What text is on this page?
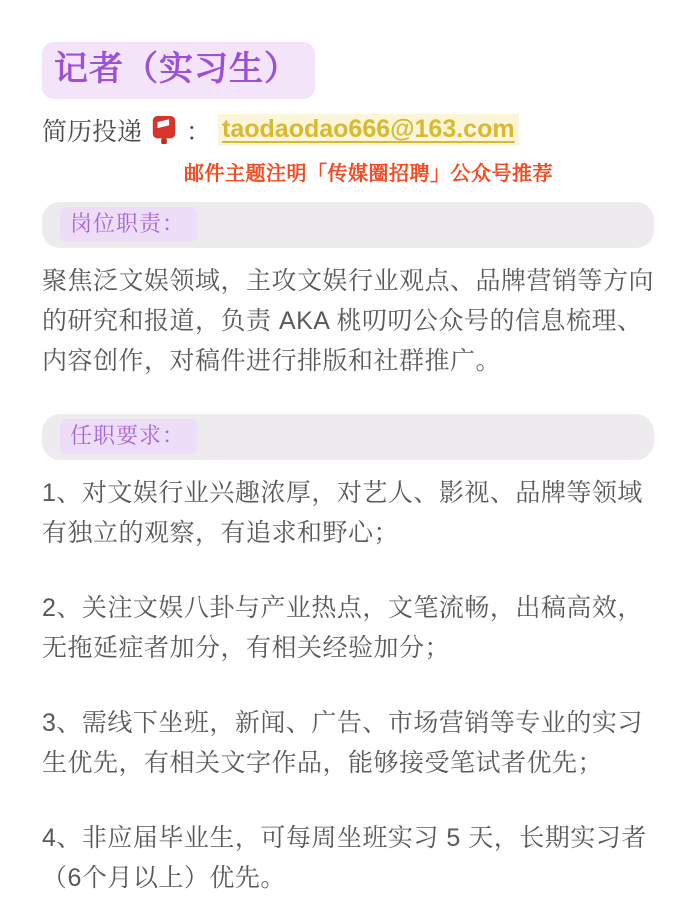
记者（实习生）
简历投递 ： taodaodao666@163.com
邮件主题注明「传媒圈招聘」公众号推荐
岗位职责：

聚焦泛文娱领域，主攻文娱行业观点、品牌营销等方向的研究和报道，负责 AKA 桃叨叨公众号的信息梳理、内容创作，对稿件进行排版和社群推广。

任职要求：

1、对文娱行业兴趣浓厚，对艺人、影视、品牌等领域有独立的观察，有追求和野心；

2、关注文娱八卦与产业热点，文笔流畅，出稿高效，无拖延症者加分，有相关经验加分；

3、需线下坐班，新闻、广告、市场营销等专业的实习生优先，有相关文字作品，能够接受笔试者优先；

4、非应届毕业生，可每周坐班实习 5 天，长期实习者（6个月以上）优先。
